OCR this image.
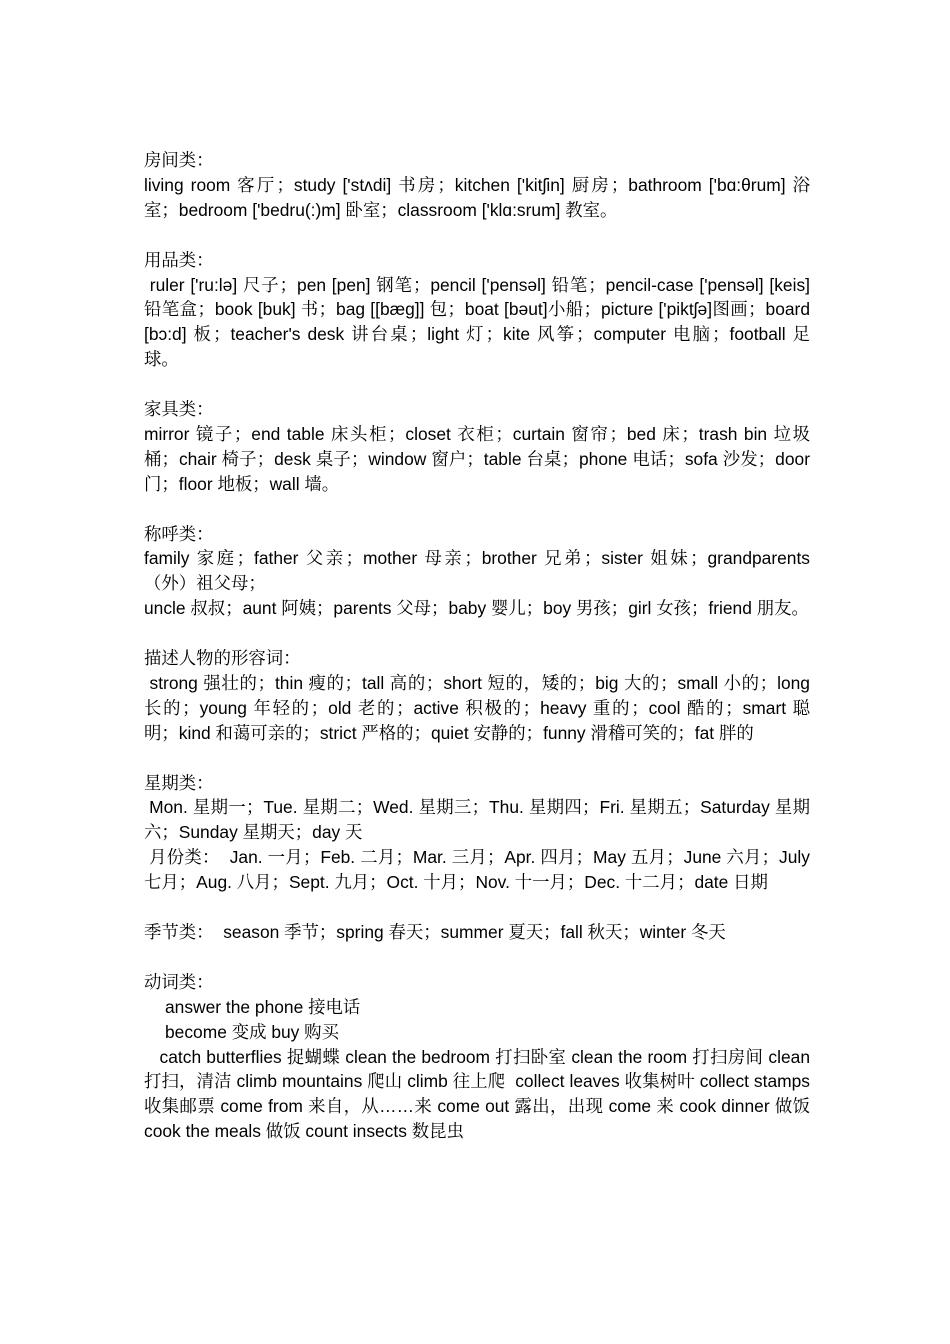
房间类：
living room 客厅；study ['stʌdi] 书房；kitchen ['kitʃin] 厨房；bathroom ['bɑ:θrum] 浴室；bedroom ['bedru(:)m] 卧室；classroom ['klɑ:srum] 教室。
用品类：
ruler ['ru:lə] 尺子；pen [pen] 钢笔；pencil ['pensəl] 铅笔；pencil-case ['pensəl] [keis]铅笔盒；book [buk] 书；bag [[bæɡ]] 包；boat [bəut]小船；picture ['piktʃə]图画；board [bɔ:d] 板；teacher's desk 讲台桌；light 灯；kite 风筝；computer 电脑；football 足球。
家具类：
mirror 镜子；end table 床头柜；closet 衣柜；curtain 窗帘；bed 床；trash bin 垃圾桶；chair 椅子；desk 桌子；window 窗户；table 台桌；phone 电话；sofa 沙发；door 门；floor 地板；wall 墙。
称呼类：
family 家庭；father 父亲；mother 母亲；brother 兄弟；sister 姐妹；grandparents（外）祖父母；
uncle 叔叔；aunt 阿姨；parents 父母；baby 婴儿；boy 男孩；girl 女孩；friend 朋友。
描述人物的形容词：
strong 强壮的；thin 瘦的；tall 高的；short 短的，矮的；big 大的；small 小的；long 长的；young 年轻的；old 老的；active 积极的；heavy 重的；cool 酷的；smart 聪明；kind 和蔼可亲的；strict 严格的；quiet 安静的；funny 滑稽可笑的；fat 胖的
星期类：
Mon. 星期一；Tue. 星期二；Wed. 星期三；Thu. 星期四；Fri. 星期五；Saturday 星期六；Sunday 星期天；day 天
月份类：  Jan. 一月；Feb. 二月；Mar. 三月；Apr. 四月；May 五月；June 六月；July 七月；Aug. 八月；Sept. 九月；Oct. 十月；Nov. 十一月；Dec. 十二月；date 日期
季节类：  season 季节；spring 春天；summer 夏天；fall 秋天；winter 冬天
动词类：
answer the phone 接电话
become 变成 buy 购买
catch butterflies 捉蝴蝶 clean the bedroom 打扫卧室 clean the room 打扫房间 clean 打扫，清洁 climb mountains 爬山 climb 往上爬  collect leaves 收集树叶 collect stamps 收集邮票 come from 来自，从……来 come out 露出，出现 come 来 cook dinner 做饭  cook the meals 做饭 count insects 数昆虫
